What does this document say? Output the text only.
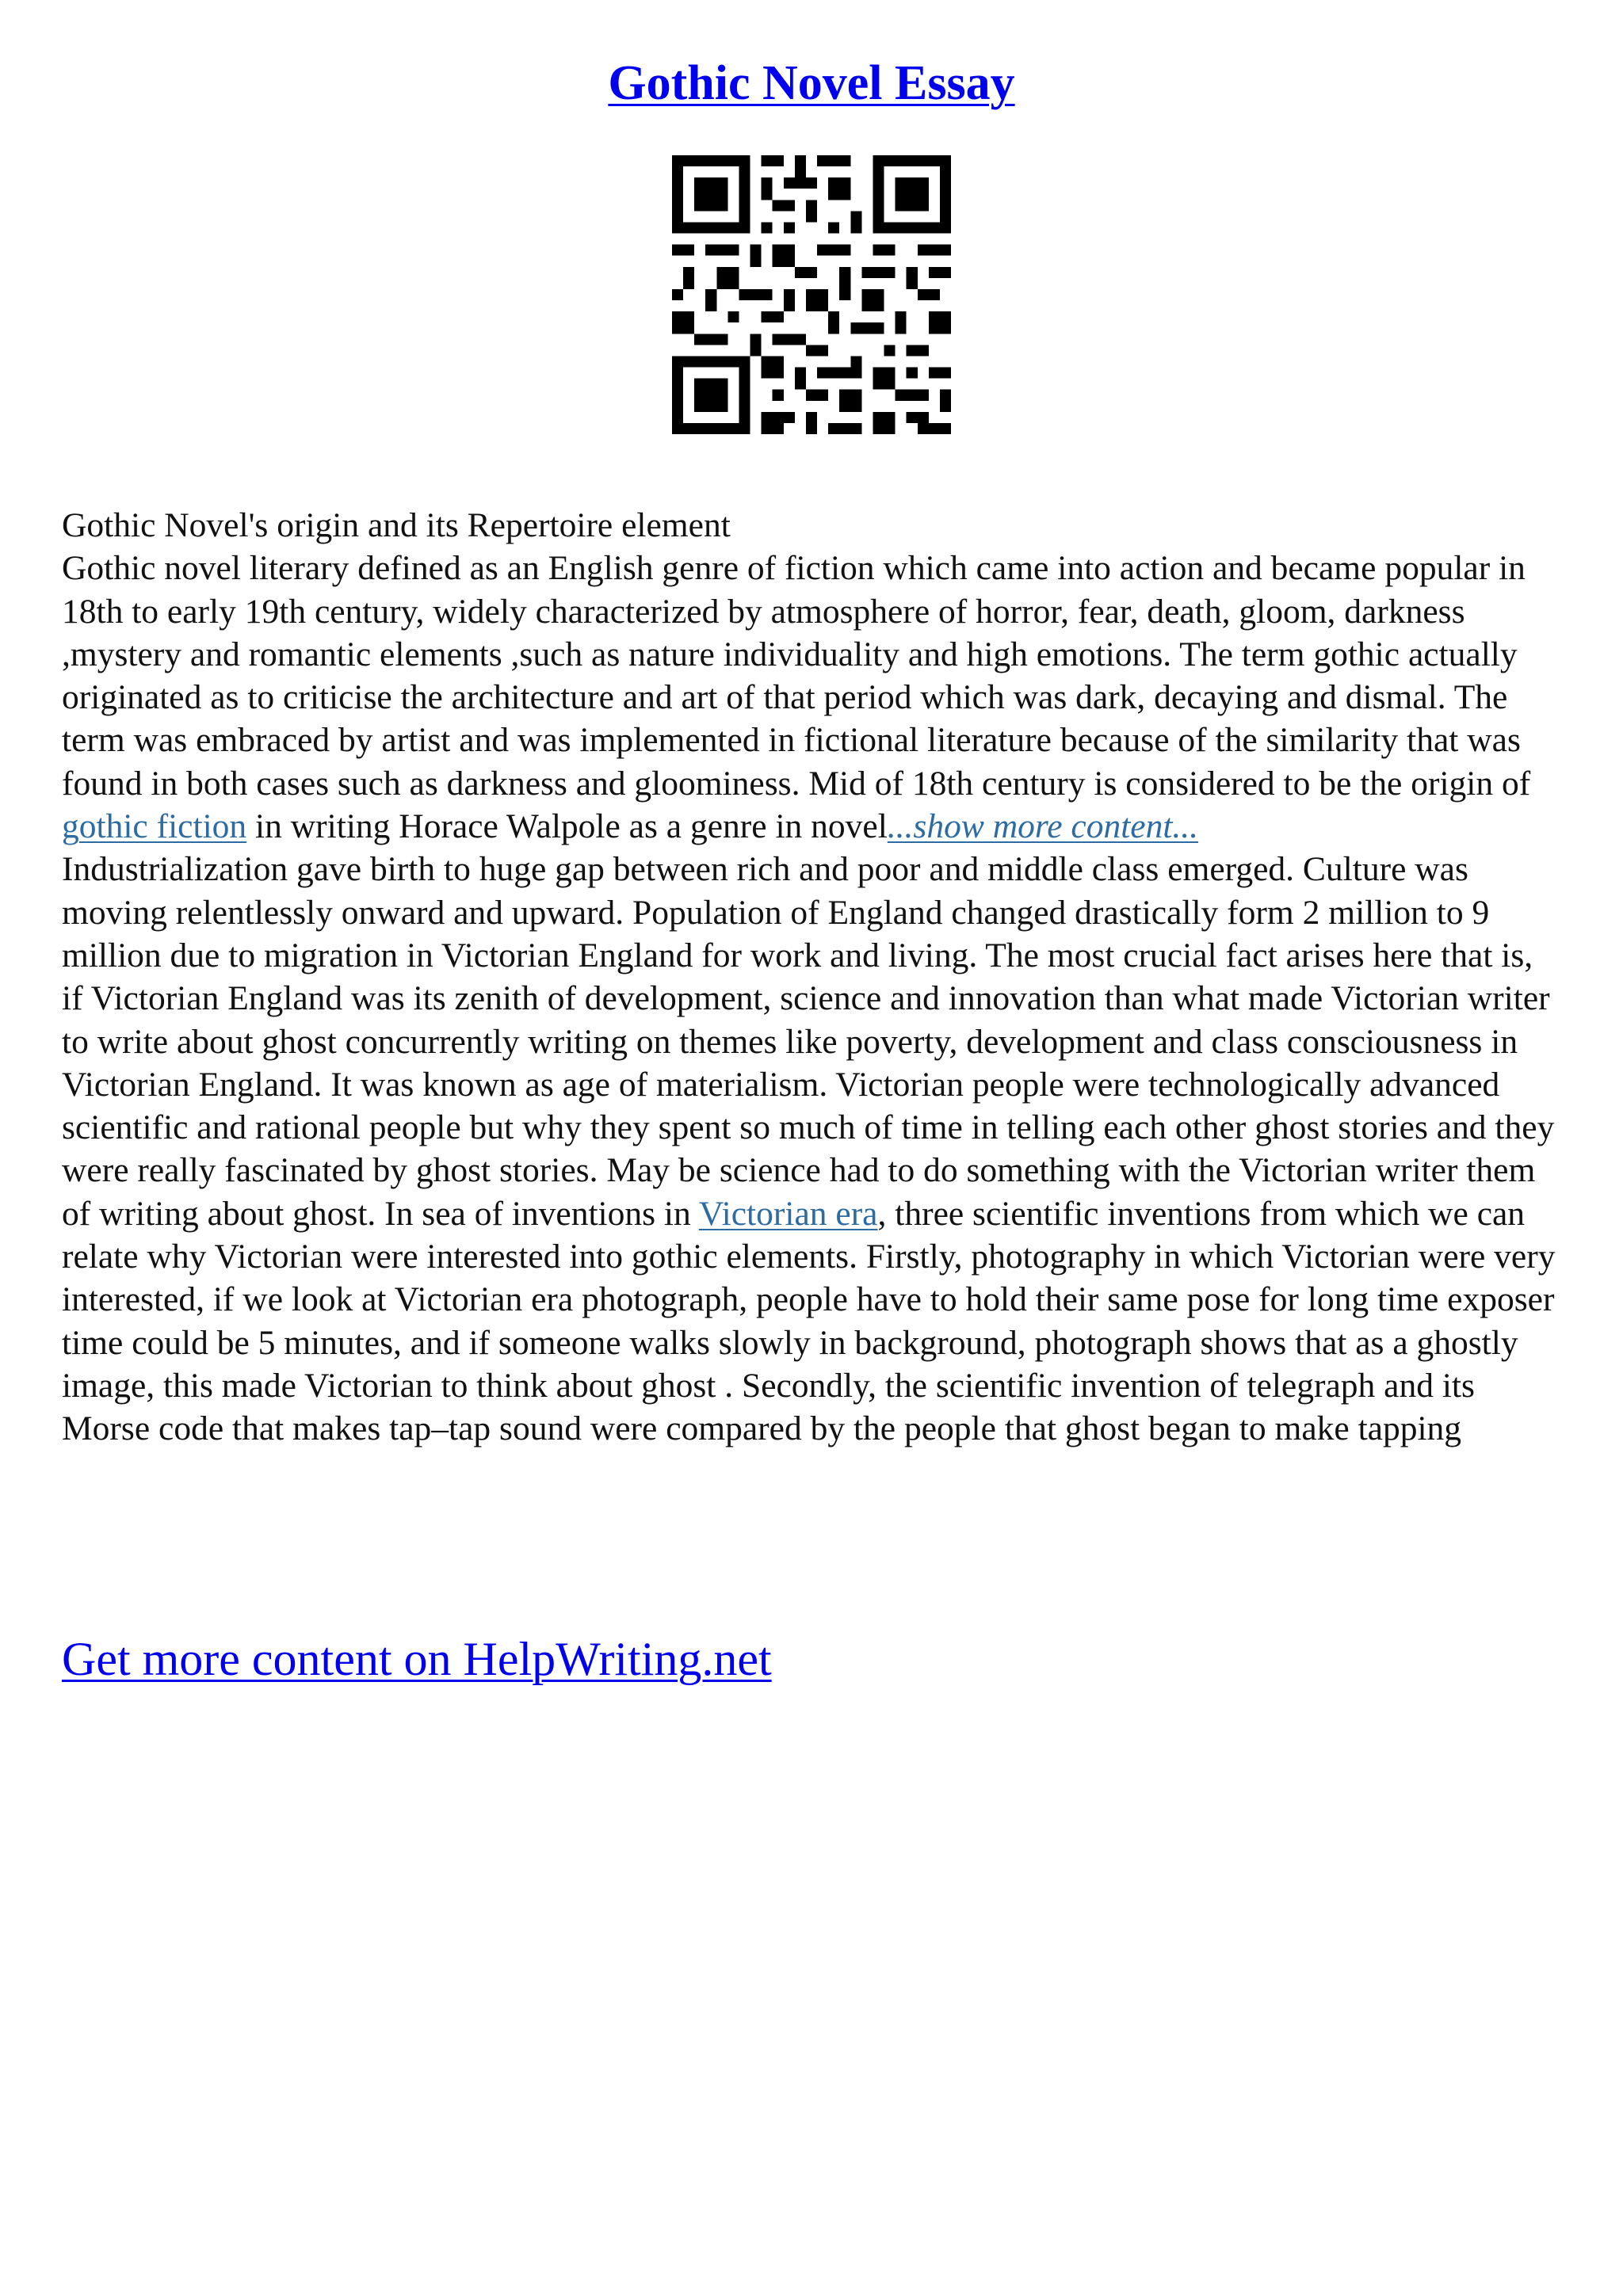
Gothic Novel Essay

Gothic Novel's origin and its Repertoire element

Gothic novel literary defined as an English genre of fiction which came into action and became popular in 18th to early 19th century, widely characterized by atmosphere of horror, fear, death, gloom, darkness ,mystery and romantic elements ,such as nature individuality and high emotions. The term gothic actually originated as to criticise the architecture and art of that period which was dark, decaying and dismal. The term was embraced by artist and was implemented in fictional literature because of the similarity that was found in both cases such as darkness and gloominess. Mid of 18th century is considered to be the origin of gothic fiction in writing Horace Walpole as a genre in novel...show more content...

Industrialization gave birth to huge gap between rich and poor and middle class emerged. Culture was moving relentlessly onward and upward. Population of England changed drastically form 2 million to 9 million due to migration in Victorian England for work and living. The most crucial fact arises here that is, if Victorian England was its zenith of development, science and innovation than what made Victorian writer to write about ghost concurrently writing on themes like poverty, development and class consciousness in Victorian England. It was known as age of materialism. Victorian people were technologically advanced scientific and rational people but why they spent so much of time in telling each other ghost stories and they were really fascinated by ghost stories. May be science had to do something with the Victorian writer them of writing about ghost. In sea of inventions in Victorian era, three scientific inventions from which we can relate why Victorian were interested into gothic elements. Firstly, photography in which Victorian were very interested, if we look at Victorian era photograph, people have to hold their same pose for long time exposer time could be 5 minutes, and if someone walks slowly in background, photograph shows that as a ghostly image, this made Victorian to think about ghost . Secondly, the scientific invention of telegraph and its Morse code that makes tap–tap sound were compared by the people that ghost began to make tapping

Get more content on HelpWriting.net
